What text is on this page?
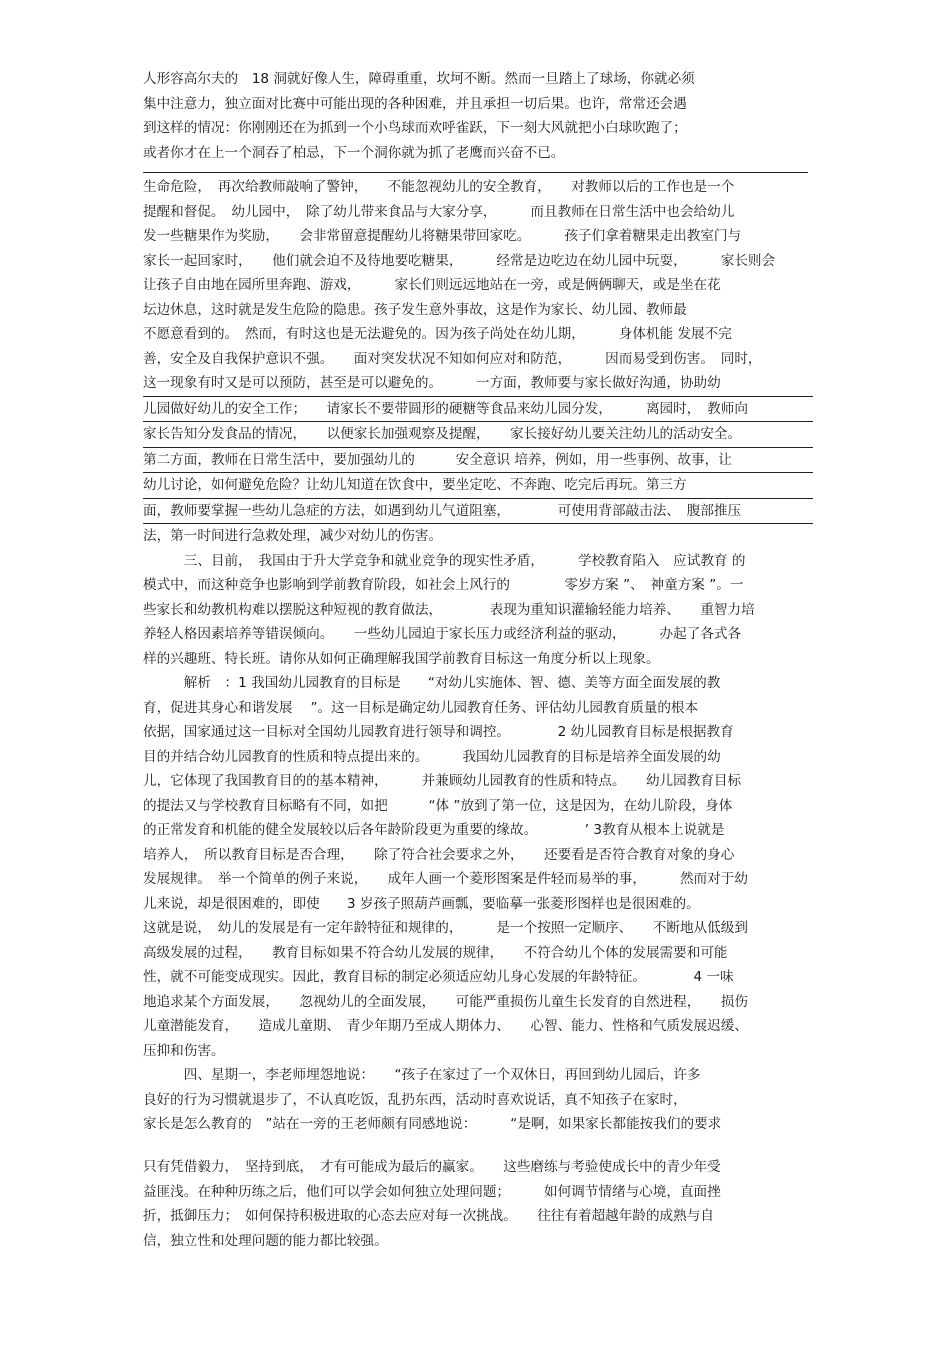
人形容高尔夫的　18 洞就好像人生，障碍重重，坎坷不断。然而一旦踏上了球场，你就必须
集中注意力，独立面对比赛中可能出现的各种困难，并且承担一切后果。也许，常常还会遇
到这样的情况：你刚刚还在为抓到一个小鸟球而欢呼雀跃，下一刻大风就把小白球吹跑了；
或者你才在上一个洞吞了柏忌，下一个洞你就为抓了老鹰而兴奋不已。
生命危险，　再次给教师敲响了警钟，　　不能忽视幼儿的安全教育，　　对教师以后的工作也是一个
提醒和督促。　幼儿园中，　除了幼儿带来食品与大家分享，　　　而且教师在日常生活中也会给幼儿
发一些糖果作为奖励，　　会非常留意提醒幼儿将糖果带回家吃。　　　孩子们拿着糖果走出教室门与
家长一起回家时，　　他们就会迫不及待地要吃糖果，　　　经常是边吃边在幼儿园中玩耍，　　　家长则会
让孩子自由地在园所里奔跑、游戏，　　　家长们则远远地站在一旁，或是俩俩聊天，或是坐在花
坛边休息，这时就是发生危险的隐患。孩子发生意外事故，这是作为家长、幼儿园、教师最
不愿意看到的。　然而，有时这也是无法避免的。因为孩子尚处在幼儿期，　　　身体机能 发展不完
善，安全及自我保护意识不强。　　面对突发状况不知如何应对和防范，　　　因而易受到伤害。　同时，
这一现象有时又是可以预防，甚至是可以避免的。　　　一方面，教师要与家长做好沟通，协助幼
儿园做好幼儿的安全工作；　　请家长不要带圆形的硬糖等食品来幼儿园分发，　　　离园时，　教师向
家长告知分发食品的情况，　　以便家长加强观察及提醒，　　家长接好幼儿要关注幼儿的活动安全。
第二方面，教师在日常生活中，要加强幼儿的　　　安全意识 培养，例如，用一些事例、故事，让
幼儿讨论，如何避免危险？让幼儿知道在饮食中，要坐定吃、不奔跑、吃完后再玩。第三方
面，教师要掌握一些幼儿急症的方法，如遇到幼儿气道阻塞，　　　　可使用背部敲击法、　腹部推压
法，第一时间进行急救处理，减少对幼儿的伤害。
　　　三、目前，　我国由于升大学竞争和就业竞争的现实性矛盾，　　　学校教育陷入　应试教育 的
模式中，而这种竞争也影响到学前教育阶段，如社会上风行的　　　　零岁方案 ”、　神童方案 ”。一
些家长和幼教机构难以摆脱这种短视的教育做法，　　　　表现为重知识灌输轻能力培养、　　重智力培
养轻人格因素培养等错误倾向。　　一些幼儿园迫于家长压力或经济利益的驱动，　　　办起了各式各
样的兴趣班、特长班。请你从如何正确理解我国学前教育目标这一角度分析以上现象。
　　　解析　：1 我国幼儿园教育的目标是　　“对幼儿实施体、智、德、美等方面全面发展的教
育，促进其身心和谐发展　 ”。这一目标是确定幼儿园教育任务、评估幼儿园教育质量的根本
依据，国家通过这一目标对全国幼儿园教育进行领导和调控。　　　　2 幼儿园教育目标是根据教育
目的并结合幼儿园教育的性质和特点提出来的。　　　我国幼儿园教育的目标是培养全面发展的幼
儿，它体现了我国教育目的的基本精神，　　　并兼顾幼儿园教育的性质和特点。　　幼儿园教育目标
的提法又与学校教育目标略有不同，如把　　　“体 ”放到了第一位，这是因为，在幼儿阶段，身体
的正常发育和机能的健全发展较以后各年龄阶段更为重要的缘故。　　　　’ 3教育从根本上说就是
培养人，　所以教育目标是否合理，　　除了符合社会要求之外，　　还要看是否符合教育对象的身心
发展规律。　举一个简单的例子来说，　　成年人画一个菱形图案是件轻而易举的事，　　　然而对于幼
儿来说，却是很困难的，即使　　3 岁孩子照葫芦画瓢，要临摹一张菱形图样也是很困难的。
这就是说，　幼儿的发展是有一定年龄特征和规律的，　　　是一个按照一定顺序、　　不断地从低级到
高级发展的过程，　　教育目标如果不符合幼儿发展的规律，　　不符合幼儿个体的发展需要和可能
性，就不可能变成现实。因此，教育目标的制定必须适应幼儿身心发展的年龄特征。　　　　4 一味
地追求某个方面发展，　　忽视幼儿的全面发展，　　可能严重损伤儿童生长发育的自然进程，　　损伤
儿童潜能发育，　　造成儿童期、　青少年期乃至成人期体力、　　心智、能力、性格和气质发展迟缓、
压抑和伤害。
　　　四、星期一，李老师埋怨地说：　　“孩子在家过了一个双休日，再回到幼儿园后，许多
良好的行为习惯就退步了，不认真吃饭，乱扔东西，活动时喜欢说话，真不知孩子在家时，
家长是怎么教育的　”站在一旁的王老师颇有同感地说：　　　“是啊，如果家长都能按我们的要求
只有凭借毅力，　坚持到底，　才有可能成为最后的赢家。　　这些磨练与考验使成长中的青少年受
益匪浅。在种种历练之后，他们可以学会如何独立处理问题；　　　如何调节情绪与心境，直面挫
折，抵御压力；　如何保持积极进取的心态去应对每一次挑战。　　往往有着超越年龄的成熟与自
信，独立性和处理问题的能力都比较强。
